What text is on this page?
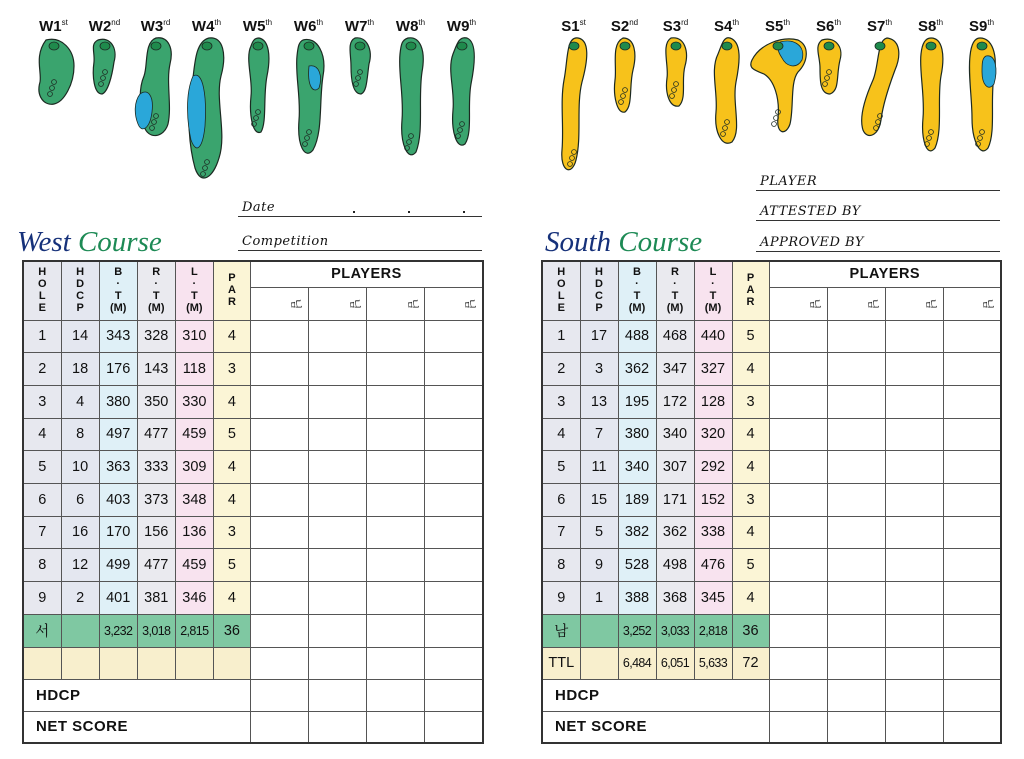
W1st W2nd W3rd W4th W5th W6th W7th W8th W9th	S1st S2nd S3rd S4th S5th S6th S7th S8th S9th
Date
Competition
PLAYER
ATTESTED BY
APPROVED BY
West Course	South Course
H
O
L
E	H
D
C
P	B
·
T
(M)	R
·
T
(M)	L
·
T
(M)	P
A
R	PLAYERS			
						님	님	님	님
1	14	343	328	310	4				
2	18	176	143	118	3				
3	4	380	350	330	4				
4	8	497	477	459	5				
5	10	363	333	309	4				
6	6	403	373	348	4				
7	16	170	156	136	3				
8	12	499	477	459	5				
9	2	401	381	346	4				
서		3,232	3,018	2,815	36				

HDCP									
NET SCORE									
H
O
L
E	H
D
C
P	B
·
T
(M)	R
·
T
(M)	L
·
T
(M)	P
A
R	PLAYERS			
						님	님	님	님
1	17	488	468	440	5				
2	3	362	347	327	4				
3	13	195	172	128	3				
4	7	380	340	320	4				
5	11	340	307	292	4				
6	15	189	171	152	3				
7	5	382	362	338	4				
8	9	528	498	476	5				
9	1	388	368	345	4				
남		3,252	3,033	2,818	36				
TTL		6,484	6,051	5,633	72				
HDCP									
NET SCORE									
